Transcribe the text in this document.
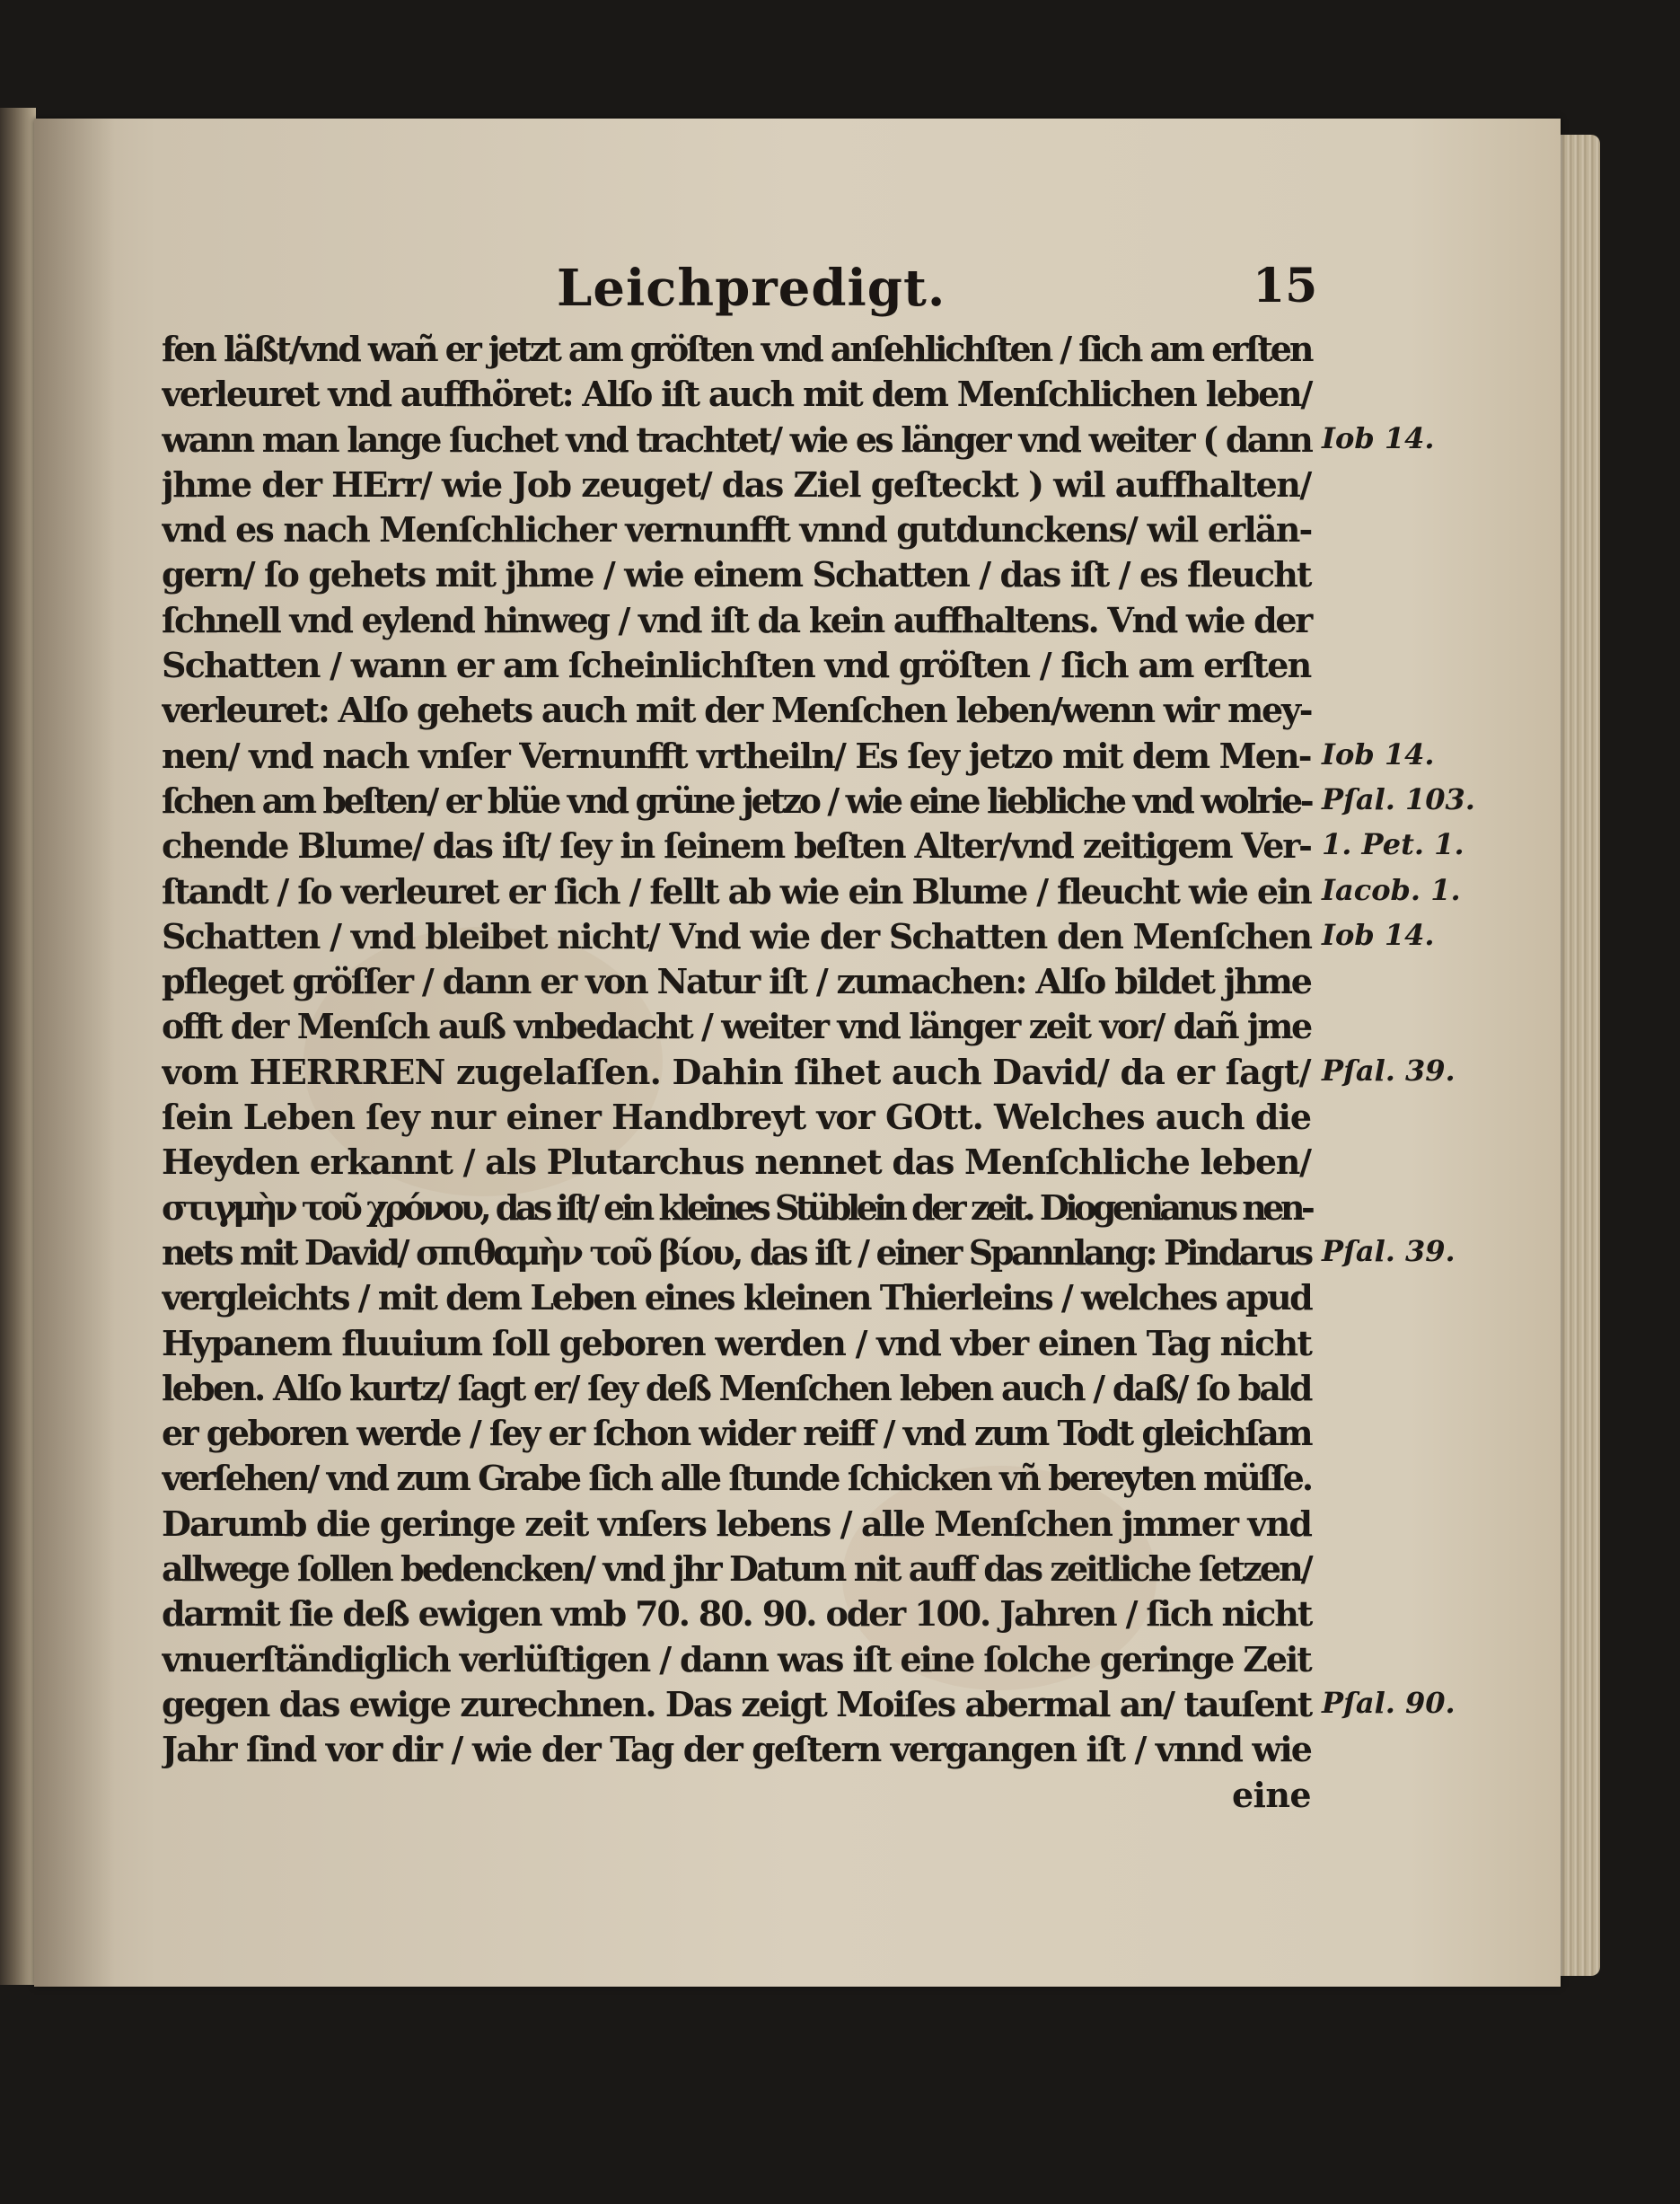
Leichpredigt.	15
fen läßt/vnd wañ er jetzt am gröſten vnd anſehlichſten / ſich am erſten
verleuret vnd auffhöret: Alſo iſt auch mit dem Menſchlichen leben/
wann man lange ſuchet vnd trachtet/ wie es länger vnd weiter ( dann
jhme der HErr/ wie Job zeuget/ das Ziel geſteckt ) wil auffhalten/
vnd es nach Menſchlicher vernunfft vnnd gutdunckens/ wil erlän-
gern/ ſo gehets mit jhme / wie einem Schatten / das iſt / es fleucht
ſchnell vnd eylend hinweg / vnd iſt da kein auffhaltens. Vnd wie der
Schatten / wann er am ſcheinlichſten vnd gröſten / ſich am erſten
verleuret: Alſo gehets auch mit der Menſchen leben/wenn wir mey-
nen/ vnd nach vnſer Vernunfft vrtheiln/ Es ſey jetzo mit dem Men-
ſchen am beſten/ er blüe vnd grüne jetzo / wie eine liebliche vnd wolrie-
chende Blume/ das iſt/ ſey in ſeinem beſten Alter/vnd zeitigem Ver-
ſtandt / ſo verleuret er ſich / fellt ab wie ein Blume / fleucht wie ein
Schatten / vnd bleibet nicht/ Vnd wie der Schatten den Menſchen
pfleget gröſſer / dann er von Natur iſt / zumachen: Alſo bildet jhme
offt der Menſch auß vnbedacht / weiter vnd länger zeit vor/ dañ jme
vom HERRREN zugelaſſen. Dahin ſihet auch David/ da er ſagt/
ſein Leben ſey nur einer Handbreyt vor GOtt. Welches auch die
Heyden erkannt / als Plutarchus nennet das Menſchliche leben/
στιγμὴν τοῦ χρόνου, das iſt/ ein kleines Stüblein der zeit. Diogenianus nen-
nets mit David/ σπιθαμὴν τοῦ βίου, das iſt / einer Spannlang: Pindarus
vergleichts / mit dem Leben eines kleinen Thierleins / welches apud
Hypanem fluuium ſoll geboren werden / vnd vber einen Tag nicht
leben. Alſo kurtz/ ſagt er/ ſey deß Menſchen leben auch / daß/ ſo bald
er geboren werde / ſey er ſchon wider reiff / vnd zum Todt gleichſam
verſehen/ vnd zum Grabe ſich alle ſtunde ſchicken vñ bereyten müſſe.
Darumb die geringe zeit vnſers lebens / alle Menſchen jmmer vnd
allwege ſollen bedencken/ vnd jhr Datum nit auff das zeitliche ſetzen/
darmit ſie deß ewigen vmb 70. 80. 90. oder 100. Jahren / ſich nicht
vnuerſtändiglich verlüſtigen / dann was iſt eine ſolche geringe Zeit
gegen das ewige zurechnen. Das zeigt Moiſes abermal an/ tauſent
Jahr ſind vor dir / wie der Tag der geſtern vergangen iſt / vnnd wie
eine
Iob 14.
Iob 14.
Pſal. 103.
1. Pet. 1.
Iacob. 1.
Iob 14.
Pſal. 39.
Pſal. 39.
Pſal. 90.
